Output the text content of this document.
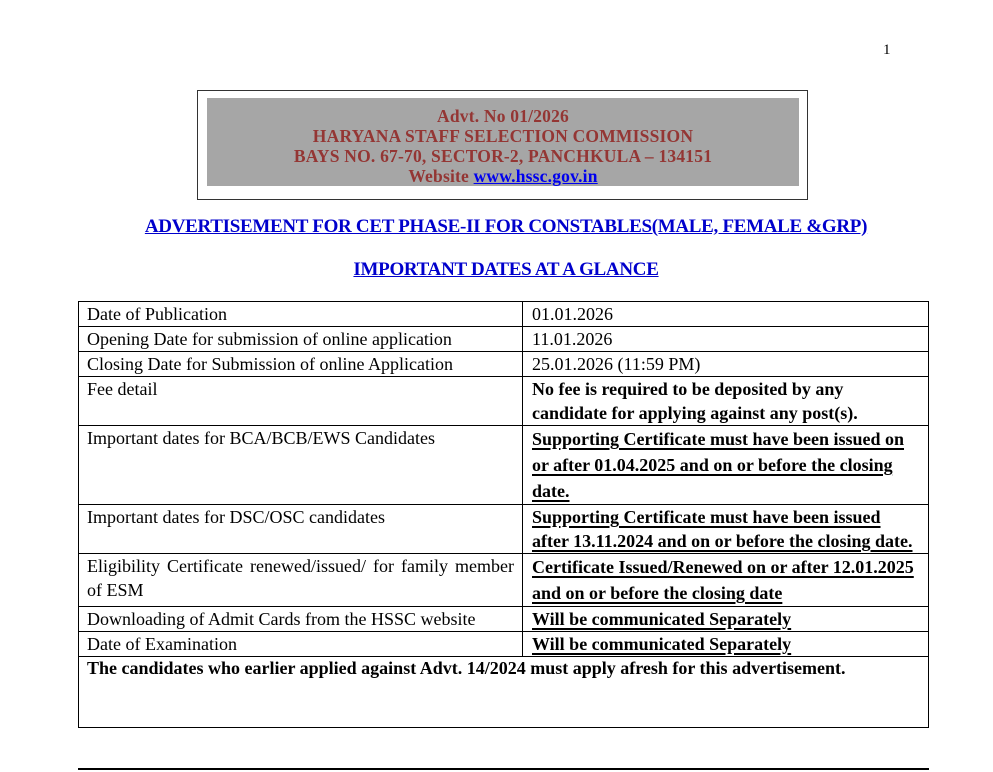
1
Advt. No 01/2026
HARYANA STAFF SELECTION COMMISSION
BAYS NO. 67-70, SECTOR-2, PANCHKULA – 134151
Website www.hssc.gov.in
ADVERTISEMENT FOR CET PHASE-II FOR CONSTABLES(MALE, FEMALE &GRP)
IMPORTANT DATES AT A GLANCE
Date of Publication	01.01.2026
Opening Date for submission of online application	11.01.2026
Closing Date for Submission of online Application	25.01.2026 (11:59 PM)
Fee detail	No fee is required to be deposited by any candidate for applying against any post(s).
Important dates for BCA/BCB/EWS Candidates	Supporting Certificate must have been issued on or after 01.04.2025 and on or before the closing date.
Important dates for DSC/OSC candidates	Supporting Certificate must have been issued after 13.11.2024 and on or before the closing date.
Eligibility Certificate renewed/issued/ for family member of ESM	Certificate Issued/Renewed on or after 12.01.2025 and on or before the closing date
Downloading of Admit Cards from the HSSC website	Will be communicated Separately
Date of Examination	Will be communicated Separately
The candidates who earlier applied against Advt. 14/2024 must apply afresh for this advertisement.	
